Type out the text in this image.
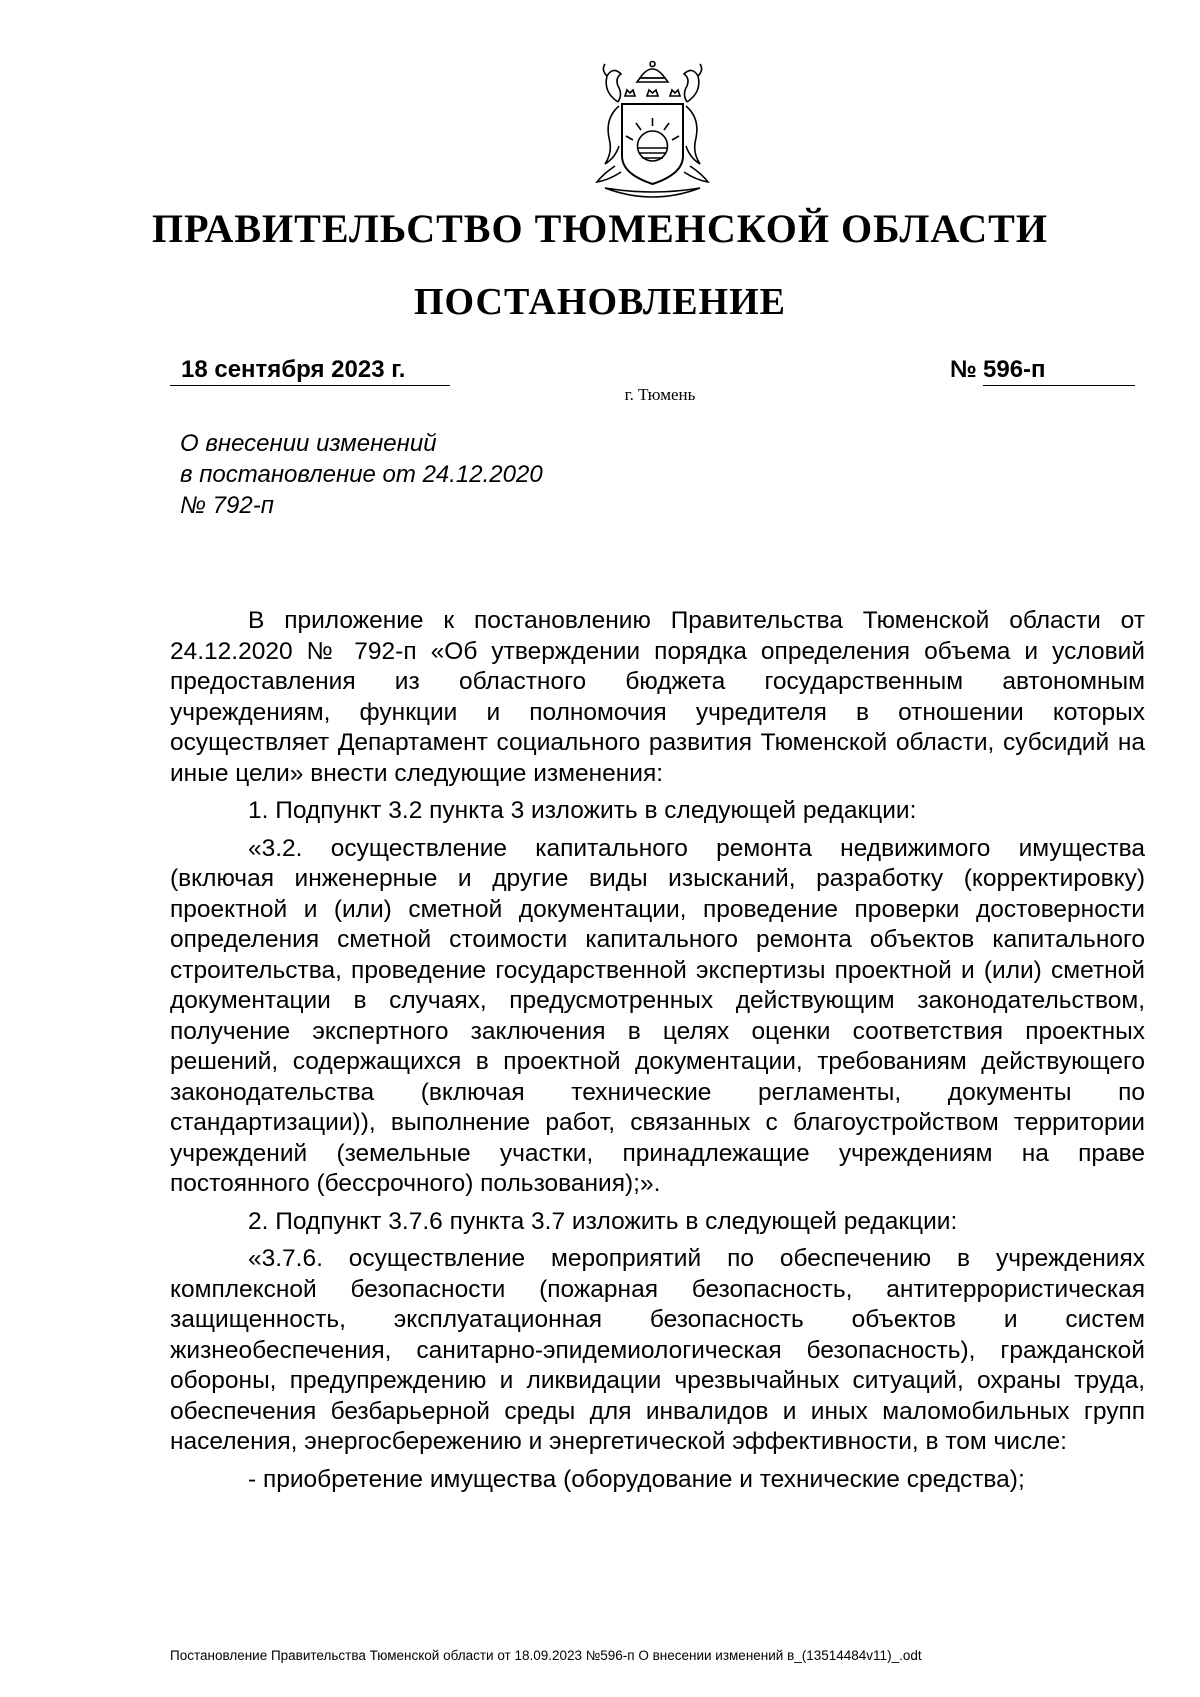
ПРАВИТЕЛЬСТВО ТЮМЕНСКОЙ ОБЛАСТИ
ПОСТАНОВЛЕНИЕ
18 сентября 2023 г.	№ 596-п
г. Тюмень
О внесении изменений
в постановление от 24.12.2020
№ 792-п

В приложение к постановлению Правительства Тюменской области от 24.12.2020 № 792-п «Об утверждении порядка определения объема и условий предоставления из областного бюджета государственным автономным учреждениям, функции и полномочия учредителя в отношении которых осуществляет Департамент социального развития Тюменской области, субсидий на иные цели» внести следующие изменения:

1. Подпункт 3.2 пункта 3 изложить в следующей редакции:

«3.2. осуществление капитального ремонта недвижимого имущества (включая инженерные и другие виды изысканий, разработку (корректировку) проектной и (или) сметной документации, проведение проверки достоверности определения сметной стоимости капитального ремонта объектов капитального строительства, проведение государственной экспертизы проектной и (или) сметной документации в случаях, предусмотренных действующим законодательством, получение экспертного заключения в целях оценки соответствия проектных решений, содержащихся в проектной документации, требованиям действующего законодательства (включая технические регламенты, документы по стандартизации)), выполнение работ, связанных с благоустройством территории учреждений (земельные участки, принадлежащие учреждениям на праве постоянного (бессрочного) пользования);».

2. Подпункт 3.7.6 пункта 3.7 изложить в следующей редакции:

«3.7.6. осуществление мероприятий по обеспечению в учреждениях комплексной безопасности (пожарная безопасность, антитеррористическая защищенность, эксплуатационная безопасность объектов и систем жизнеобеспечения, санитарно-эпидемиологическая безопасность), гражданской обороны, предупреждению и ликвидации чрезвычайных ситуаций, охраны труда, обеспечения безбарьерной среды для инвалидов и иных маломобильных групп населения, энергосбережению и энергетической эффективности, в том числе:

- приобретение имущества (оборудование и технические средства);

Постановление Правительства Тюменской области от 18.09.2023 №596-п О внесении изменений в_(13514484v11)_.odt
